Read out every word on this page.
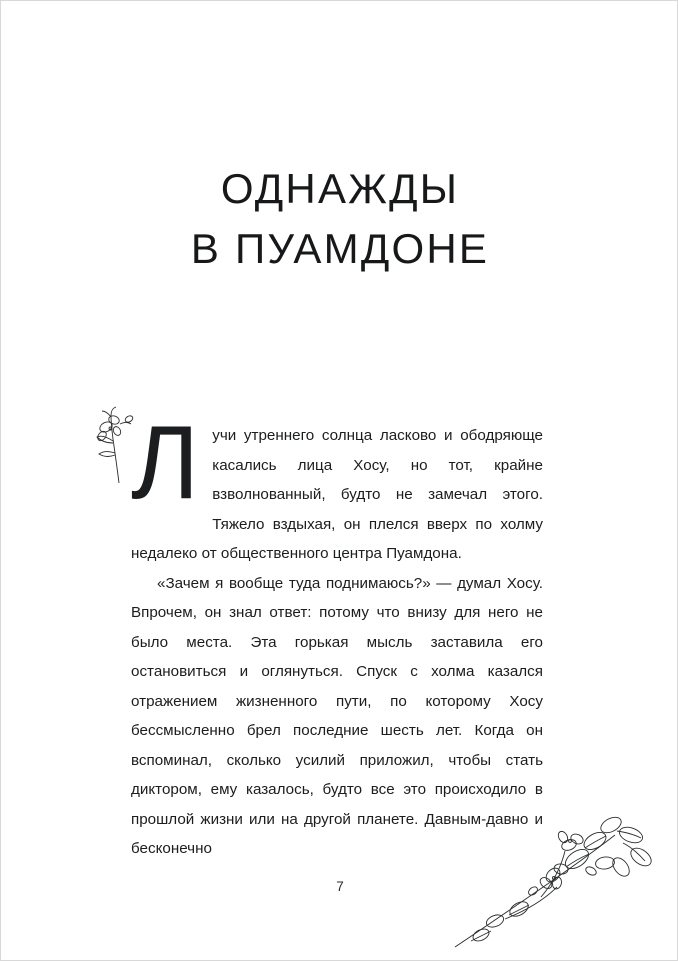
ОДНАЖДЫ
В ПУАМДОНЕ

Лучи утреннего солнца ласково и ободряюще касались лица Хосу, но тот, крайне взволнованный, будто не замечал этого. Тяжело вздыхая, он плелся вверх по холму недалеко от общественного центра Пуамдона.

«Зачем я вообще туда поднимаюсь?» — думал Хосу. Впрочем, он знал ответ: потому что внизу для него не было места. Эта горькая мысль заставила его остановиться и оглянуться. Спуск с холма казался отражением жизненного пути, по которому Хосу бессмысленно брел последние шесть лет. Когда он вспоминал, сколько усилий приложил, чтобы стать диктором, ему казалось, будто все это происходило в прошлой жизни или на другой планете. Давным-давно и бесконечно

7
